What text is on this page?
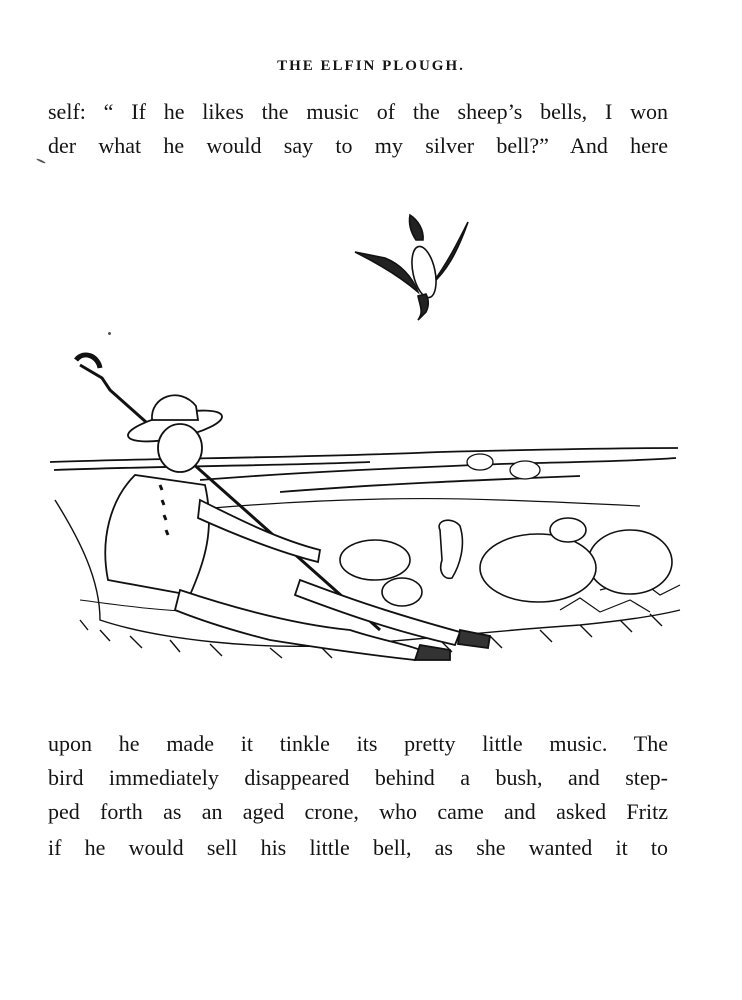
THE ELFIN PLOUGH.
self: “ If he likes the music of the sheep’s bells, I won
der what he would say to my silver bell?” And here
upon he made it tinkle its pretty little music. The
bird immediately disappeared behind a bush, and step-
ped forth as an aged crone, who came and asked Fritz
if he would sell his little bell, as she wanted it to
